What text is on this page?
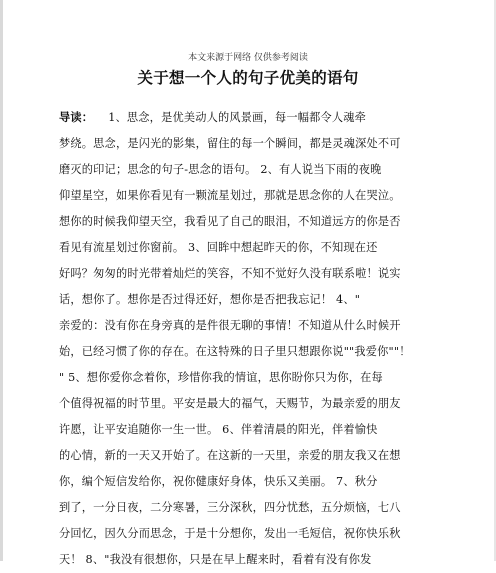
本文来源于网络 仅供参考阅读
关于想一个人的句子优美的语句
导读： 1、思念，是优美动人的风景画，每一幅都令人魂牵
梦绕。思念，是闪光的影集，留住的每一个瞬间，都是灵魂深处不可
磨灭的印记；思念的句子-思念的语句。 2、有人说当下雨的夜晚
仰望星空，如果你看见有一颗流星划过，那就是思念你的人在哭泣。
想你的时候我仰望天空，我看见了自己的眼泪，不知道远方的你是否
看见有流星划过你窗前。 3、回眸中想起昨天的你，不知现在还
好吗？匆匆的时光带着灿烂的笑容，不知不觉好久没有联系啦！说实
话，想你了。想你是否过得还好，想你是否把我忘记！ 4、"
亲爱的：没有你在身旁真的是件很无聊的事情！不知道从什么时候开
始，已经习惯了你的存在。在这特殊的日子里只想跟你说""我爱你""！
" 5、想你爱你念着你，珍惜你我的情谊，思你盼你只为你，在每
个值得祝福的时节里。平安是最大的福气，天赐节，为最亲爱的朋友
许愿，让平安追随你一生一世。 6、伴着清晨的阳光，伴着愉快
的心情，新的一天又开始了。在这新的一天里，亲爱的朋友我又在想
你，编个短信发给你，祝你健康好身体，快乐又美丽。 7、秋分
到了，一分日夜，二分寒暑，三分深秋，四分忧愁，五分烦恼，七八
分回忆，因久分而思念，于是十分想你，发出一毛短信，祝你快乐秋
天！ 8、"我没有很想你，只是在早上醒来时，看着有没有你发
